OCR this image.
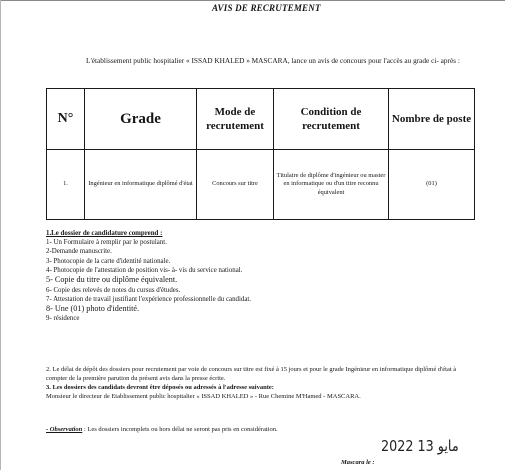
AVIS DE RECRUTEMENT
L'établissement public hospitalier « ISSAD KHALED » MASCARA, lance un avis de concours pour l'accès au grade ci- après :
N°	Grade	Mode de recrutement	Condition de recrutement	Nombre de poste
1.	Ingénieur en informatique diplômé d'état	Concours sur titre	Titulaire de diplôme d'ingénieur ou master en informatique ou d'un titre reconnu équivalent	(01)
1.Le dossier de candidature comprend :
1- Un Formulaire à remplir par le postulant.
2-Demande manuscrite.
3- Photocopie de la carte d'identité nationale.
4- Photocopie de l'attestation de position vis- à- vis du service national.
5- Copie du titre ou diplôme équivalent.
6- Copie des relevés de notes du cursus d'études.
7- Attestation de travail justifiant l'expérience professionnelle du candidat.
8- Une (01) photo d'identité.
9- résidence
2. Le délai de dépôt des dossiers pour recrutement par voie de concours sur titre est fixé à 15 jours et pour le grade Ingénieur en informatique diplômé d'état à compter de la première parution du présent avis dans la presse écrite.
3. Les dossiers des candidats devront être déposés ou adressés à l'adresse suivante:
Monsieur le directeur de Etablissement public hospitalier « ISSAD KHALED » - Rue Chemine M'Hamed - MASCARA.
- Observation : Les dossiers incomplets ou hors délai ne seront pas pris en considération.
2022 مايو 13
Mascara le :
